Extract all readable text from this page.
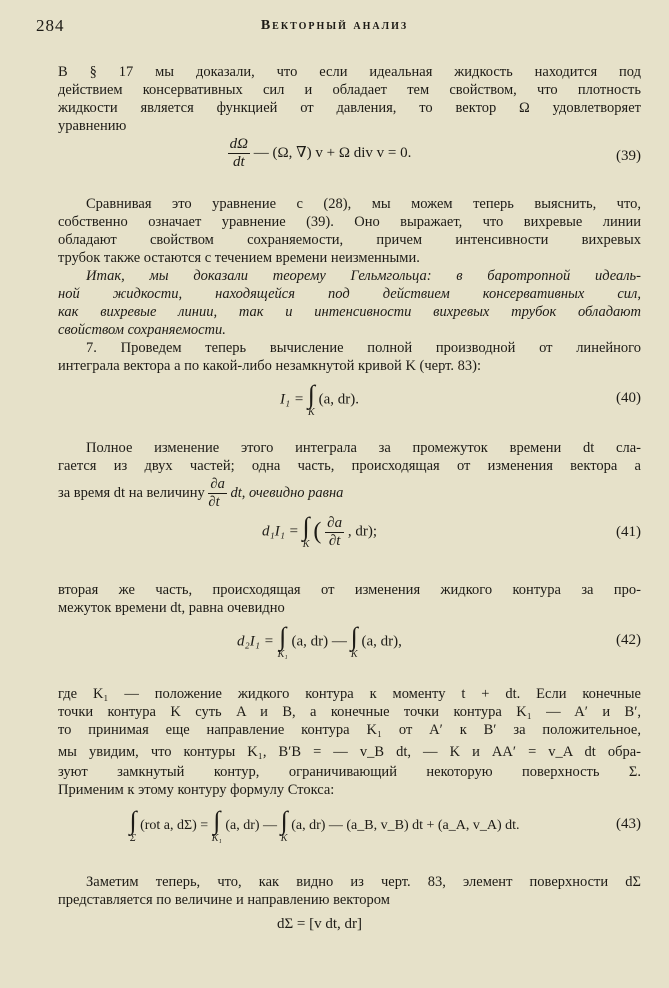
284	Векторный анализ
В § 17 мы доказали, что если идеальная жидкость находится под
действием консервативных сил и обладает тем свойством, что плотность
жидкости является функцией от давления, то вектор Ω удовлетворяет
уравнению
$\frac{d\Omega}{dt}$ — (Ω, ∇) v + Ω div v = 0.	(39)
Сравнивая это уравнение с (28), мы можем теперь выяснить, что,
собственно означает уравнение (39). Оно выражает, что вихревые линии
обладают свойством сохраняемости, причем интенсивности вихревых
трубок также остаются с течением времени неизменными.
Итак, мы доказали теорему Гельмгольца: в баротропной идеаль-
ной жидкости, находящейся под действием консервативных сил,
как вихревые линии, так и интенсивности вихревых трубок обладают
свойством сохраняемости.
7. Проведем теперь вычисление полной производной от линейного
интеграла вектора a по какой-либо незамкнутой кривой K (черт. 83):
I₁ = ∫
K
(a, dr).	(40)
Полное изменение этого интеграла за промежуток времени dt сла-
гается из двух частей; одна часть, происходящая от изменения вектора a
за время dt на величину $\frac{\partial a}{\partial t}$ dt, очевидно равна
d₁I₁ = ∫
K ( $\frac{\partial a}{\partial t}$ , dr);	(41)
вторая же часть, происходящая от изменения жидкого контура за про-
межуток времени dt, равна очевидно
d₂I₁ = ∫
K₁
(a, dr) — ∫
K
(a, dr),	(42)
где K₁ — положение жидкого контура к моменту t + dt. Если конечные
точки контура K суть A и B, а конечные точки контура K₁ — A′ и B′,
то принимая еще направление контура K₁ от A′ к B′ за положительное,
мы увидим, что контуры K₁, B′B = — v_B dt, — K и AA′ = v_A dt обра-
зуют замкнутый контур, ограничивающий некоторую поверхность Σ.
Применим к этому контуру формулу Стокса:
∫
Σ
(rot a, dΣ) = ∫
K₁
(a, dr) — ∫
K
(a, dr) — (a_B, v_B) dt + (a_A, v_A) dt.	(43)
Заметим теперь, что, как видно из черт. 83, элемент поверхности dΣ
представляется по величине и направлению вектором
dΣ = [v dt, dr]
